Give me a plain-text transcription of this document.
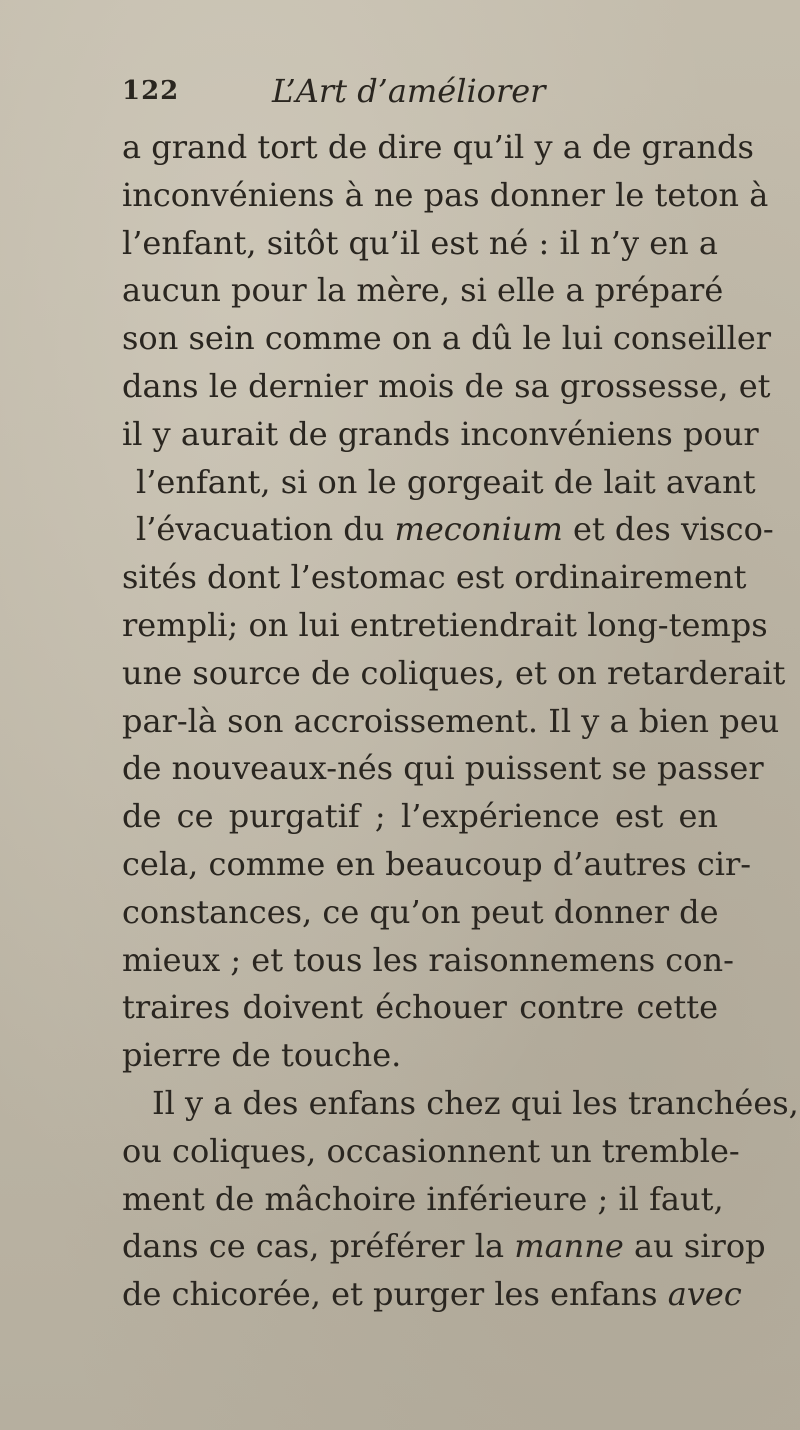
122	L’Art d’améliorer
a grand tort de dire qu’il y a de grands
inconvéniens à ne pas donner le teton à
l’enfant, sitôt qu’il est né : il n’y en a
aucun pour la mère, si elle a préparé
son sein comme on a dû le lui conseiller
dans le dernier mois de sa grossesse, et
il y aurait de grands inconvéniens pour
l’enfant, si on le gorgeait de lait avant
l’évacuation du meconium et des visco-
sités dont l’estomac est ordinairement
rempli; on lui entretiendrait long-temps
une source de coliques, et on retarderait
par-là son accroissement. Il y a bien peu
de nouveaux-nés qui puissent se passer
de ce purgatif ; l’expérience est en
cela, comme en beaucoup d’autres cir-
constances, ce qu’on peut donner de
mieux ; et tous les raisonnemens con-
traires doivent échouer contre cette
pierre de touche.
Il y a des enfans chez qui les tranchées,
ou coliques, occasionnent un tremble-
ment de mâchoire inférieure ; il faut,
dans ce cas, préférer la manne au sirop
de chicorée, et purger les enfans avec
